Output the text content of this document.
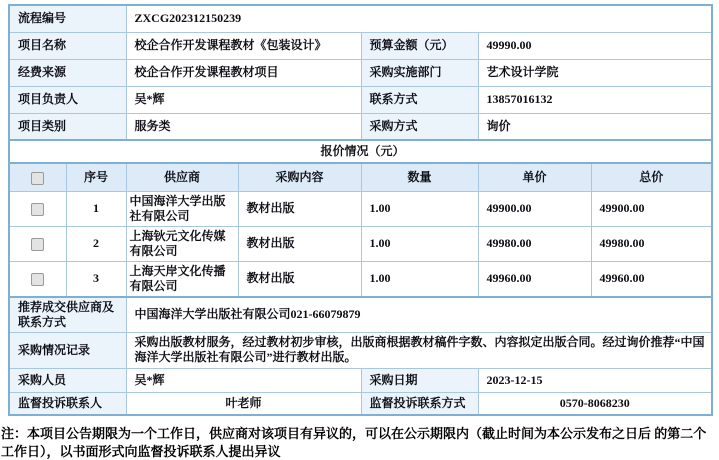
流程编号		ZXCG202312150239				
项目名称		校企合作开发课程教材《包装设计》		预算金额（元）	49990.00	
经费来源		校企合作开发课程教材项目		采购实施部门	艺术设计学院	
项目负责人		吴*辉		联系方式	13857016132	
项目类别		服务类		采购方式	询价	
报价情况（元）						
	序号	供应商	采购内容	数量	单价	总价
	1	中国海洋大学出版社有限公司	教材出版	1.00	49900.00	49900.00
	2	上海钬元文化传媒有限公司	教材出版	1.00	49980.00	49980.00
	3	上海天岸文化传播有限公司	教材出版	1.00	49960.00	49960.00
推荐成交供应商及联系方式		中国海洋大学出版社有限公司021-66079879				
采购情况记录		采购出版教材服务，经过教材初步审核，出版商根据教材稿件字数、内容拟定出版合同。经过询价推荐“中国海洋大学出版社有限公司”进行教材出版。				
采购人员		吴*辉		采购日期	2023-12-15	
监督投诉联系人		叶老师		监督投诉联系方式	0570-8068230	
注：本项目公告期限为一个工作日，供应商对该项目有异议的，可以在公示期限内（截止时间为本公示发布之日后 的第二个工作日），以书面形式向监督投诉联系人提出异议
